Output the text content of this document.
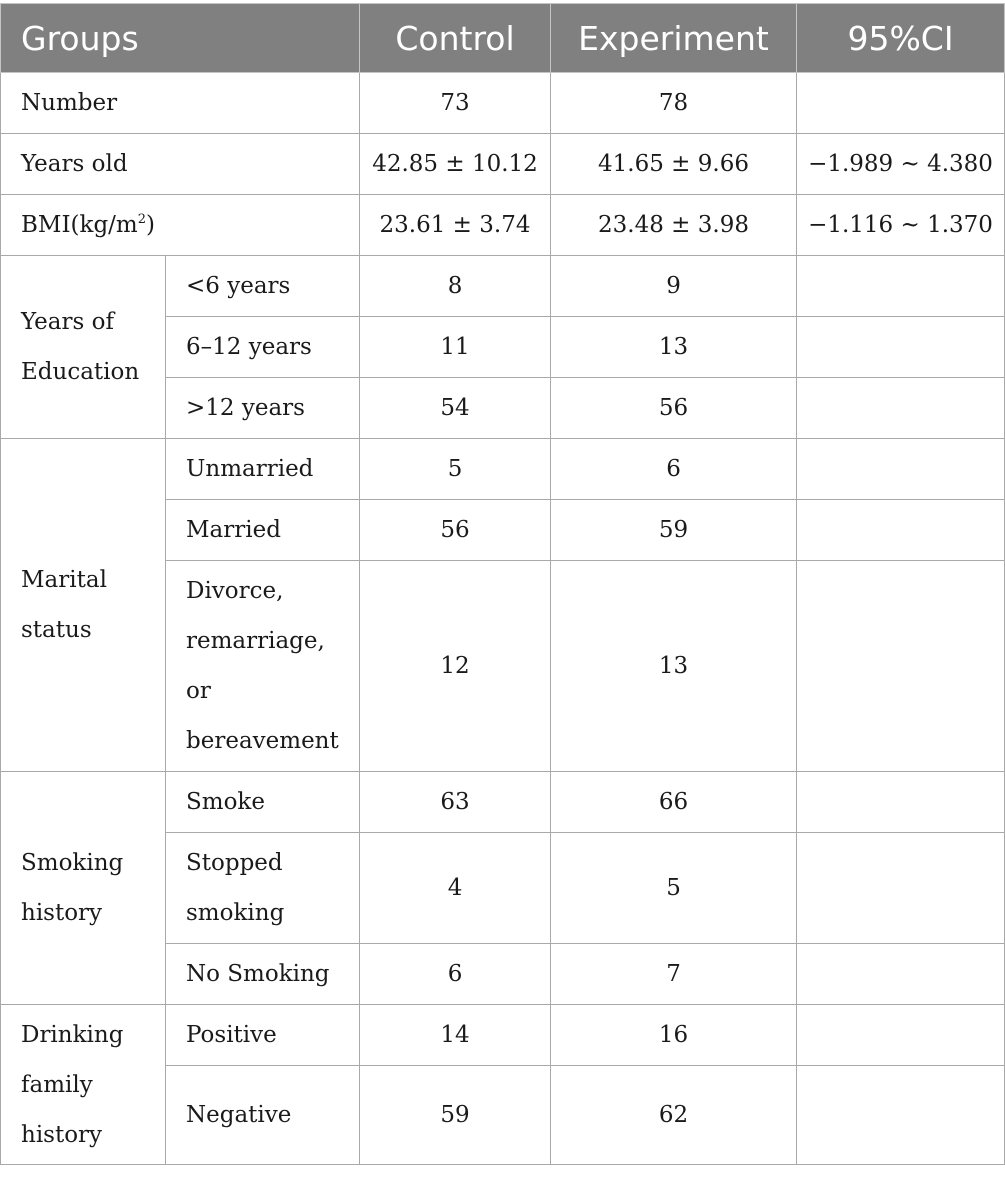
Groups		Control	Experiment	95%CI
Number		73	78	
Years old		42.85 ± 10.12	41.65 ± 9.66	−1.989 ~ 4.380
$BMI(kg/m^2)$		23.61 ± 3.74	23.48 ± 3.98	−1.116 ~ 1.370
Years of
Education	<6 years	8	9	
	6–12 years	11	13	
	>12 years	54	56	
Marital
status	Unmarried	5	6	
	Married	56	59	
	Divorce,
remarriage,
or
bereavement	12	13	
Smoking
history	Smoke	63	66	
	Stopped
smoking	4	5	
	No Smoking	6	7	
Drinking
family
history	Positive	14	16	
	Negative	59	62	
